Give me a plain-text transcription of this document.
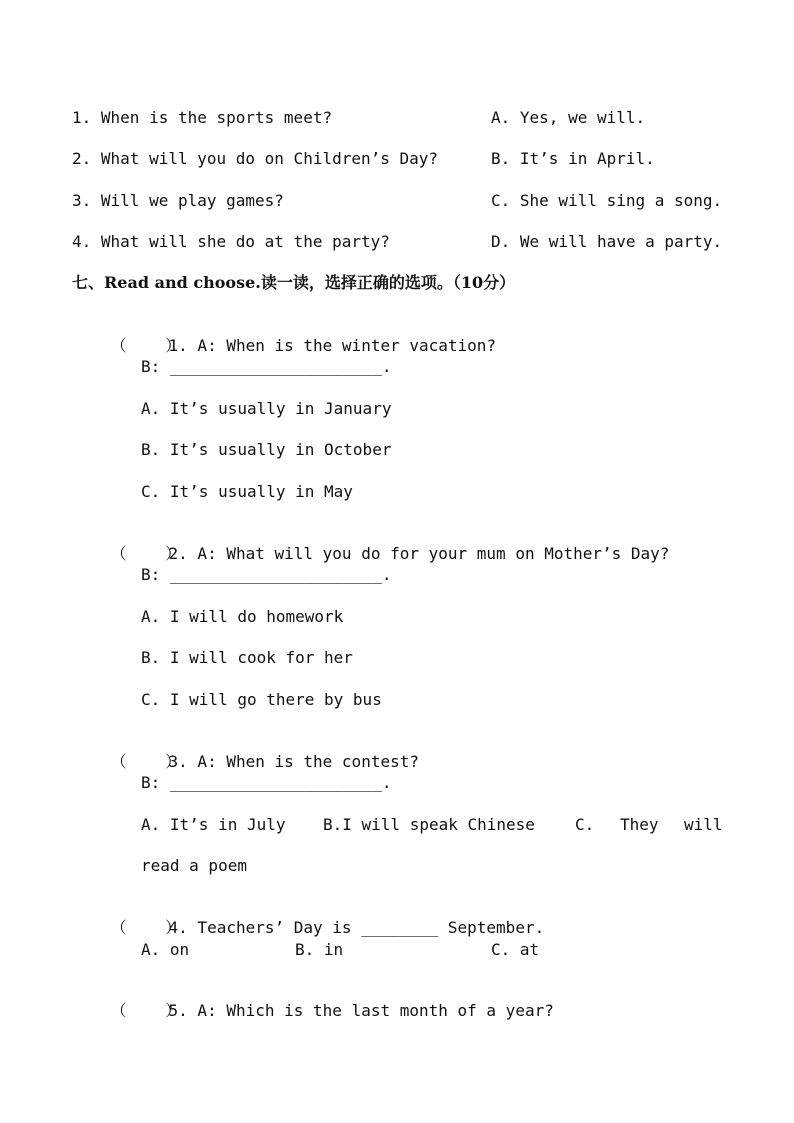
1. When is the sports meet?	A. Yes, we will.
2. What will you do on Children’s Day?	B. It’s in April.
3. Will we play games?	C. She will sing a song.
4. What will she do at the party?	D. We will have a party.
七、Read and choose.读一读，选择正确的选项。（10分）

（    ）1. A: When is the winter vacation?

B: ______________________.
A. It’s usually in January
B. It’s usually in October
C. It’s usually in May

（    ）2. A: What will you do for your mum on Mother’s Day?

B: ______________________.
A. I will do homework
B. I will cook for her
C. I will go there by bus

（    ）3. A: When is the contest?

B: ______________________.
A. It’s in July B.I will speak Chinese	C. They will
read a poem

（    ）4. Teachers’ Day is ________ September.

A. on	B. in	C. at

（    ）5. A: Which is the last month of a year?
